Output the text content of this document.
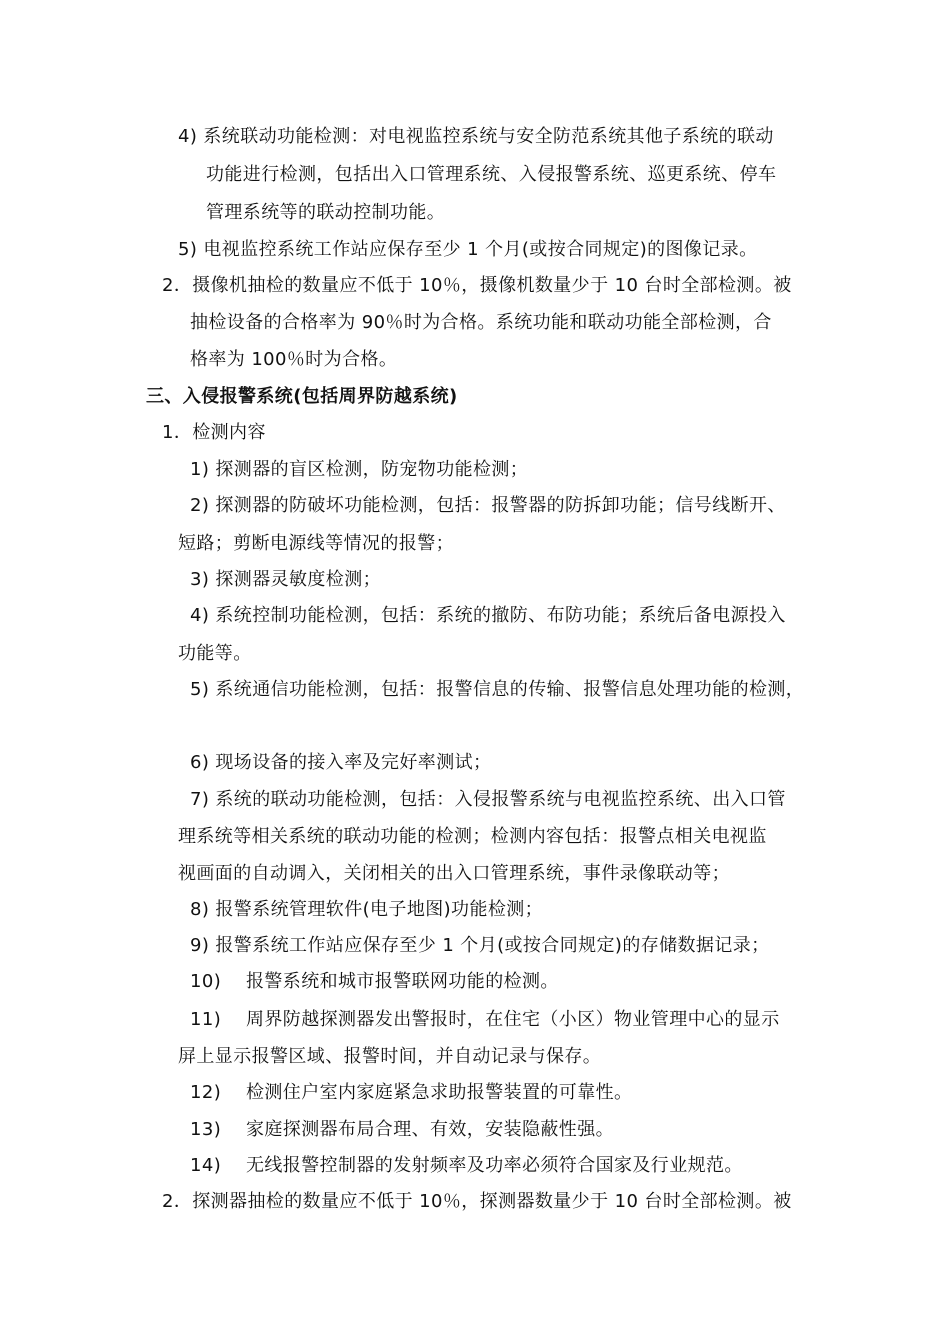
4) 系统联动功能检测：对电视监控系统与安全防范系统其他子系统的联动
功能进行检测，包括出入口管理系统、入侵报警系统、巡更系统、停车
管理系统等的联动控制功能。
5) 电视监控系统工作站应保存至少 1 个月(或按合同规定)的图像记录。
2．摄像机抽检的数量应不低于 10％，摄像机数量少于 10 台时全部检测。被
抽检设备的合格率为 90％时为合格。系统功能和联动功能全部检测，合
格率为 100％时为合格。
三、入侵报警系统(包括周界防越系统)
1．检测内容
1) 探测器的盲区检测，防宠物功能检测；
2) 探测器的防破坏功能检测，包括：报警器的防拆卸功能；信号线断开、
短路；剪断电源线等情况的报警；
3) 探测器灵敏度检测；
4) 系统控制功能检测，包括：系统的撤防、布防功能；系统后备电源投入
功能等。
5) 系统通信功能检测，包括：报警信息的传输、报警信息处理功能的检测，
6) 现场设备的接入率及完好率测试；
7) 系统的联动功能检测，包括：入侵报警系统与电视监控系统、出入口管
理系统等相关系统的联动功能的检测；检测内容包括：报警点相关电视监
视画面的自动调入，关闭相关的出入口管理系统，事件录像联动等；
8) 报警系统管理软件(电子地图)功能检测；
9) 报警系统工作站应保存至少 1 个月(或按合同规定)的存储数据记录；
10) 报警系统和城市报警联网功能的检测。
11) 周界防越探测器发出警报时，在住宅（小区）物业管理中心的显示
屏上显示报警区域、报警时间，并自动记录与保存。
12) 检测住户室内家庭紧急求助报警装置的可靠性。
13) 家庭探测器布局合理、有效，安装隐蔽性强。
14) 无线报警控制器的发射频率及功率必须符合国家及行业规范。
2．探测器抽检的数量应不低于 10％，探测器数量少于 10 台时全部检测。被
